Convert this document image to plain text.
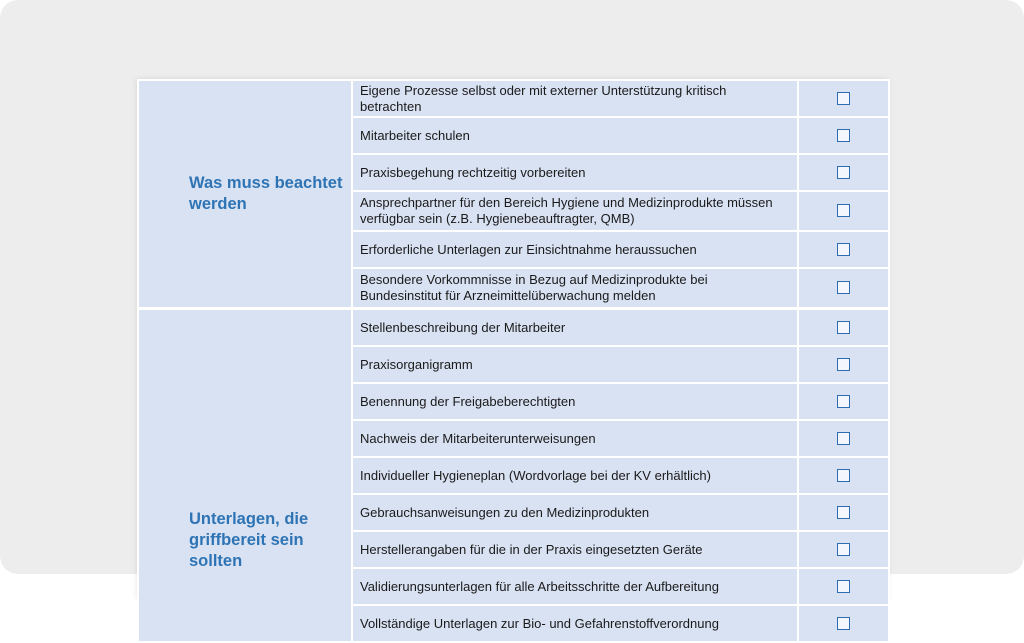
Was muss beachtet werden	Eigene Prozesse selbst oder mit externer Unterstützung kritisch betrachten	
	Mitarbeiter schulen	
	Praxisbegehung rechtzeitig vorbereiten	
	Ansprechpartner für den Bereich Hygiene und Medizinprodukte müssen verfügbar sein (z.B. Hygienebeauftragter, QMB)	
	Erforderliche Unterlagen zur Einsichtnahme heraussuchen	
	Besondere Vorkommnisse in Bezug auf Medizinprodukte bei Bundesinstitut für Arzneimittelüberwachung melden	
Unterlagen, die griffbereit sein sollten	Stellenbeschreibung der Mitarbeiter	
	Praxisorganigramm	
	Benennung der Freigabeberechtigten	
	Nachweis der Mitarbeiterunterweisungen	
	Individueller Hygieneplan (Wordvorlage bei der KV erhältlich)	
	Gebrauchsanweisungen zu den Medizinprodukten	
	Herstellerangaben für die in der Praxis eingesetzten Geräte	
	Validierungsunterlagen für alle Arbeitsschritte der Aufbereitung	
	Vollständige Unterlagen zur Bio- und Gefahrenstoffverordnung	
